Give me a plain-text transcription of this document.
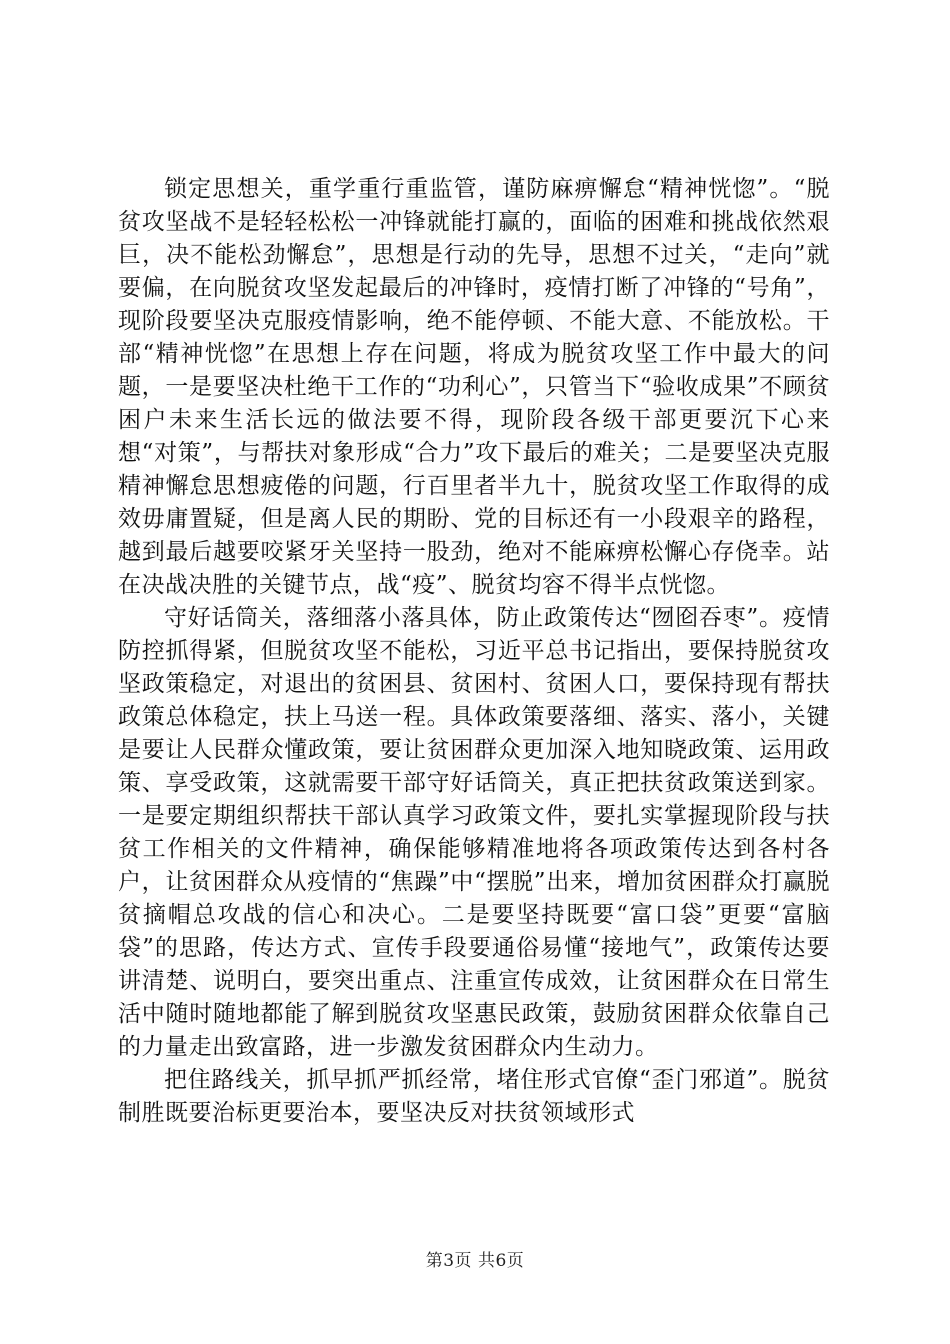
锁定思想关，重学重行重监管，谨防麻痹懈怠“精神恍惚”。“脱贫攻坚战不是轻轻松松一冲锋就能打赢的，面临的困难和挑战依然艰巨，决不能松劲懈怠”，思想是行动的先导，思想不过关，“走向”就要偏，在向脱贫攻坚发起最后的冲锋时，疫情打断了冲锋的“号角”，现阶段要坚决克服疫情影响，绝不能停顿、不能大意、不能放松。干部“精神恍惚”在思想上存在问题，将成为脱贫攻坚工作中最大的问题，一是要坚决杜绝干工作的“功利心”，只管当下“验收成果”不顾贫困户未来生活长远的做法要不得，现阶段各级干部更要沉下心来想“对策”，与帮扶对象形成“合力”攻下最后的难关；二是要坚决克服精神懈怠思想疲倦的问题，行百里者半九十，脱贫攻坚工作取得的成效毋庸置疑，但是离人民的期盼、党的目标还有一小段艰辛的路程，越到最后越要咬紧牙关坚持一股劲，绝对不能麻痹松懈心存侥幸。站在决战决胜的关键节点，战“疫”、脱贫均容不得半点恍惚。

守好话筒关，落细落小落具体，防止政策传达“囫囵吞枣”。疫情防控抓得紧，但脱贫攻坚不能松，习近平总书记指出，要保持脱贫攻坚政策稳定，对退出的贫困县、贫困村、贫困人口，要保持现有帮扶政策总体稳定，扶上马送一程。具体政策要落细、落实、落小，关键是要让人民群众懂政策，要让贫困群众更加深入地知晓政策、运用政策、享受政策，这就需要干部守好话筒关，真正把扶贫政策送到家。一是要定期组织帮扶干部认真学习政策文件，要扎实掌握现阶段与扶贫工作相关的文件精神，确保能够精准地将各项政策传达到各村各户，让贫困群众从疫情的“焦躁”中“摆脱”出来，增加贫困群众打赢脱贫摘帽总攻战的信心和决心。二是要坚持既要“富口袋”更要“富脑袋”的思路，传达方式、宣传手段要通俗易懂“接地气”，政策传达要讲清楚、说明白，要突出重点、注重宣传成效，让贫困群众在日常生活中随时随地都能了解到脱贫攻坚惠民政策，鼓励贫困群众依靠自己的力量走出致富路，进一步激发贫困群众内生动力。

把住路线关，抓早抓严抓经常，堵住形式官僚“歪门邪道”。脱贫制胜既要治标更要治本，要坚决反对扶贫领域形式

第3页 共6页
